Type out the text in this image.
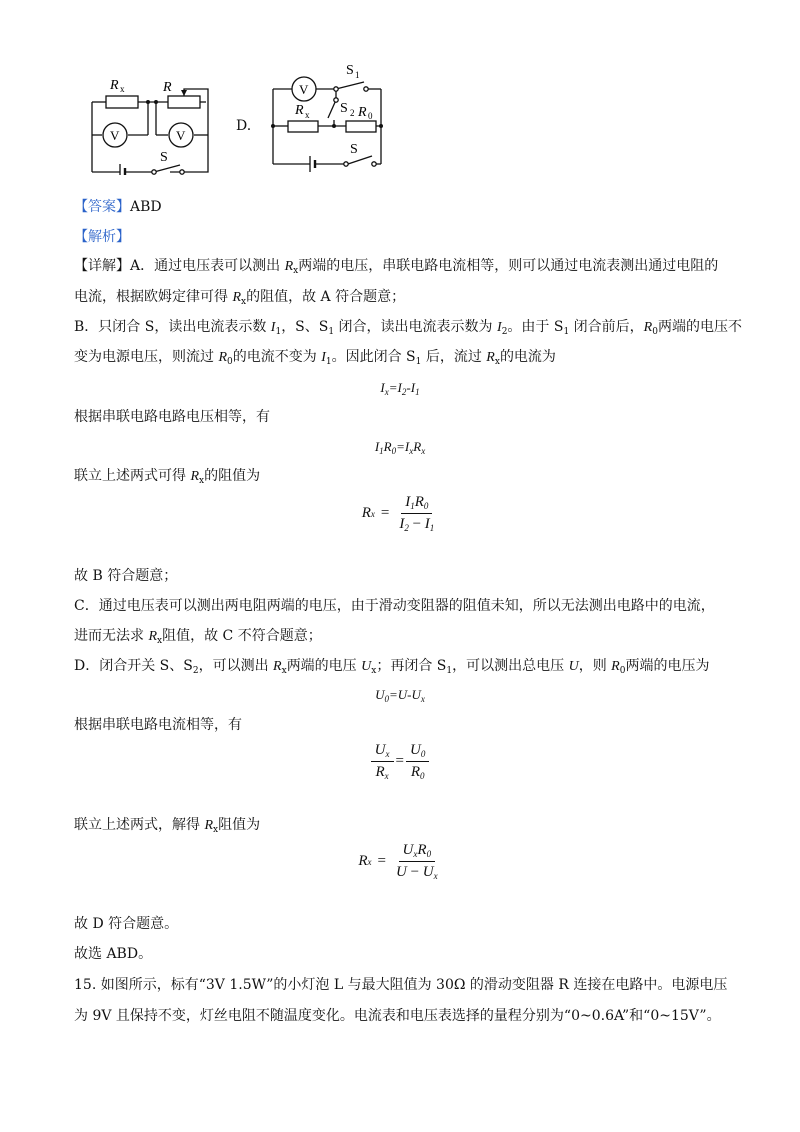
R x	R
V	V
S
D.
V
S 1
S 2 R 0
R x
S
【答案】ABD
【解析】
【详解】A．通过电压表可以测出 $R_x$两端的电压，串联电路电流相等，则可以通过电流表测出通过电阻的
电流，根据欧姆定律可得 $R_x$的阻值，故 A 符合题意；
B．只闭合 S，读出电流表示数 $I_1$，S、$S_1$ 闭合，读出电流表示数为 $I_2$。由于 $S_1$ 闭合前后，$R_0$两端的电压不
变为电源电压，则流过 $R_0$的电流不变为 $I_1$。因此闭合 $S_1$ 后，流过 $R_x$的电流为
$I_x=I_2-I_1$
根据串联电路电路电压相等，有
$I_1R_0=I_xR_x$
联立上述两式可得 $R_x$的阻值为
R $x = \frac{I_1R_0}{I_2 - I_1}$
故 B 符合题意；
C．通过电压表可以测出两电阻两端的电压，由于滑动变阻器的阻值未知，所以无法测出电路中的电流，
进而无法求 $R_x$阻值，故 C 不符合题意；
D．闭合开关 S、$S_2$，可以测出 $R_x$两端的电压 $U_x$；再闭合 $S_1$，可以测出总电压 U，则 $R_0$两端的电压为
$U_0=U-U_x$
根据串联电路电流相等，有
$\frac{U_x}{R_x} = \frac{U_0}{R_0}$
联立上述两式，解得 $R_x$阻值为
R $x = \frac{U_xR_0}{U - U_x}$
故 D 符合题意。
故选 ABD。
15. 如图所示，标有“3V 1.5W”的小灯泡 L 与最大阻值为 30Ω 的滑动变阻器 R 连接在电路中。电源电压
为 9V 且保持不变，灯丝电阻不随温度变化。电流表和电压表选择的量程分别为“0~0.6A”和“0~15V”。
